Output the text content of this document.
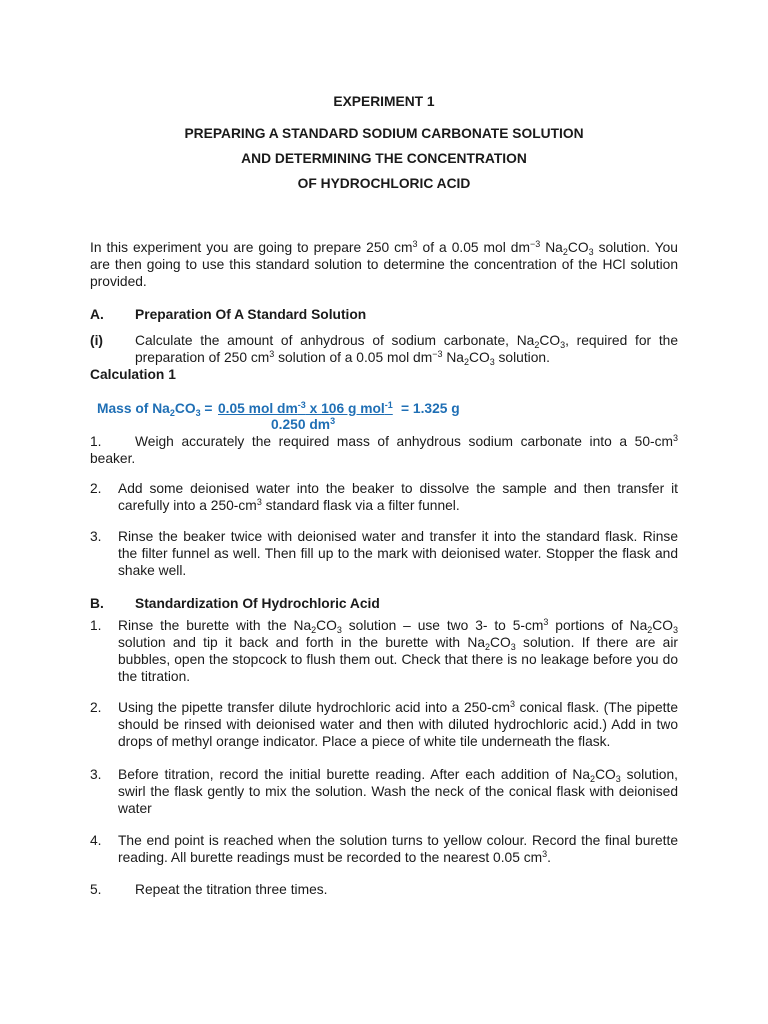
EXPERIMENT 1
PREPARING A STANDARD SODIUM CARBONATE SOLUTION
AND DETERMINING THE CONCENTRATION
OF HYDROCHLORIC ACID
In this experiment you are going to prepare 250 $cm^3$ of a 0.05 mol $dm^{-3}$ $Na_2CO_3$ solution. You are then going to use this standard solution to determine the concentration of the HCl solution provided.
A. Preparation Of A Standard Solution
(i) Calculate the amount of anhydrous of sodium carbonate, $Na_2CO_3$, required for the preparation of 250 $cm^3$ solution of a 0.05 mol $dm^{-3}$ $Na_2CO_3$ solution.
Calculation 1
Mass of $Na_2CO_3 = 0.05$ mol $dm^{-3}$ x 106 g mol$^{-1}$ = 1.325 g
0.250 $dm^3$
Weigh accurately the required mass of anhydrous sodium carbonate into a $50-cm^3$ beaker.
1.
2. Add some deionised water into the beaker to dissolve the sample and then transfer it carefully into a $250-cm^3$ standard flask via a filter funnel.
3. Rinse the beaker twice with deionised water and transfer it into the standard flask. Rinse the filter funnel as well. Then fill up to the mark with deionised water. Stopper the flask and shake well.
B. Standardization Of Hydrochloric Acid
1. Rinse the burette with the $Na_2CO_3$ solution – use two 3- to $5-cm^3$ portions of $Na_2CO_3$ solution and tip it back and forth in the burette with $Na_2CO_3$ solution. If there are air bubbles, open the stopcock to flush them out. Check that there is no leakage before you do the titration.
2. Using the pipette transfer dilute hydrochloric acid into a $250-cm^3$ conical flask. (The pipette should be rinsed with deionised water and then with diluted hydrochloric acid.) Add in two drops of methyl orange indicator. Place a piece of white tile underneath the flask.
3. Before titration, record the initial burette reading. After each addition of $Na_2CO_3$ solution, swirl the flask gently to mix the solution. Wash the neck of the conical flask with deionised water
4. The end point is reached when the solution turns to yellow colour. Record the final burette reading. All burette readings must be recorded to the nearest 0.05 $cm^3$.
5. Repeat the titration three times.
